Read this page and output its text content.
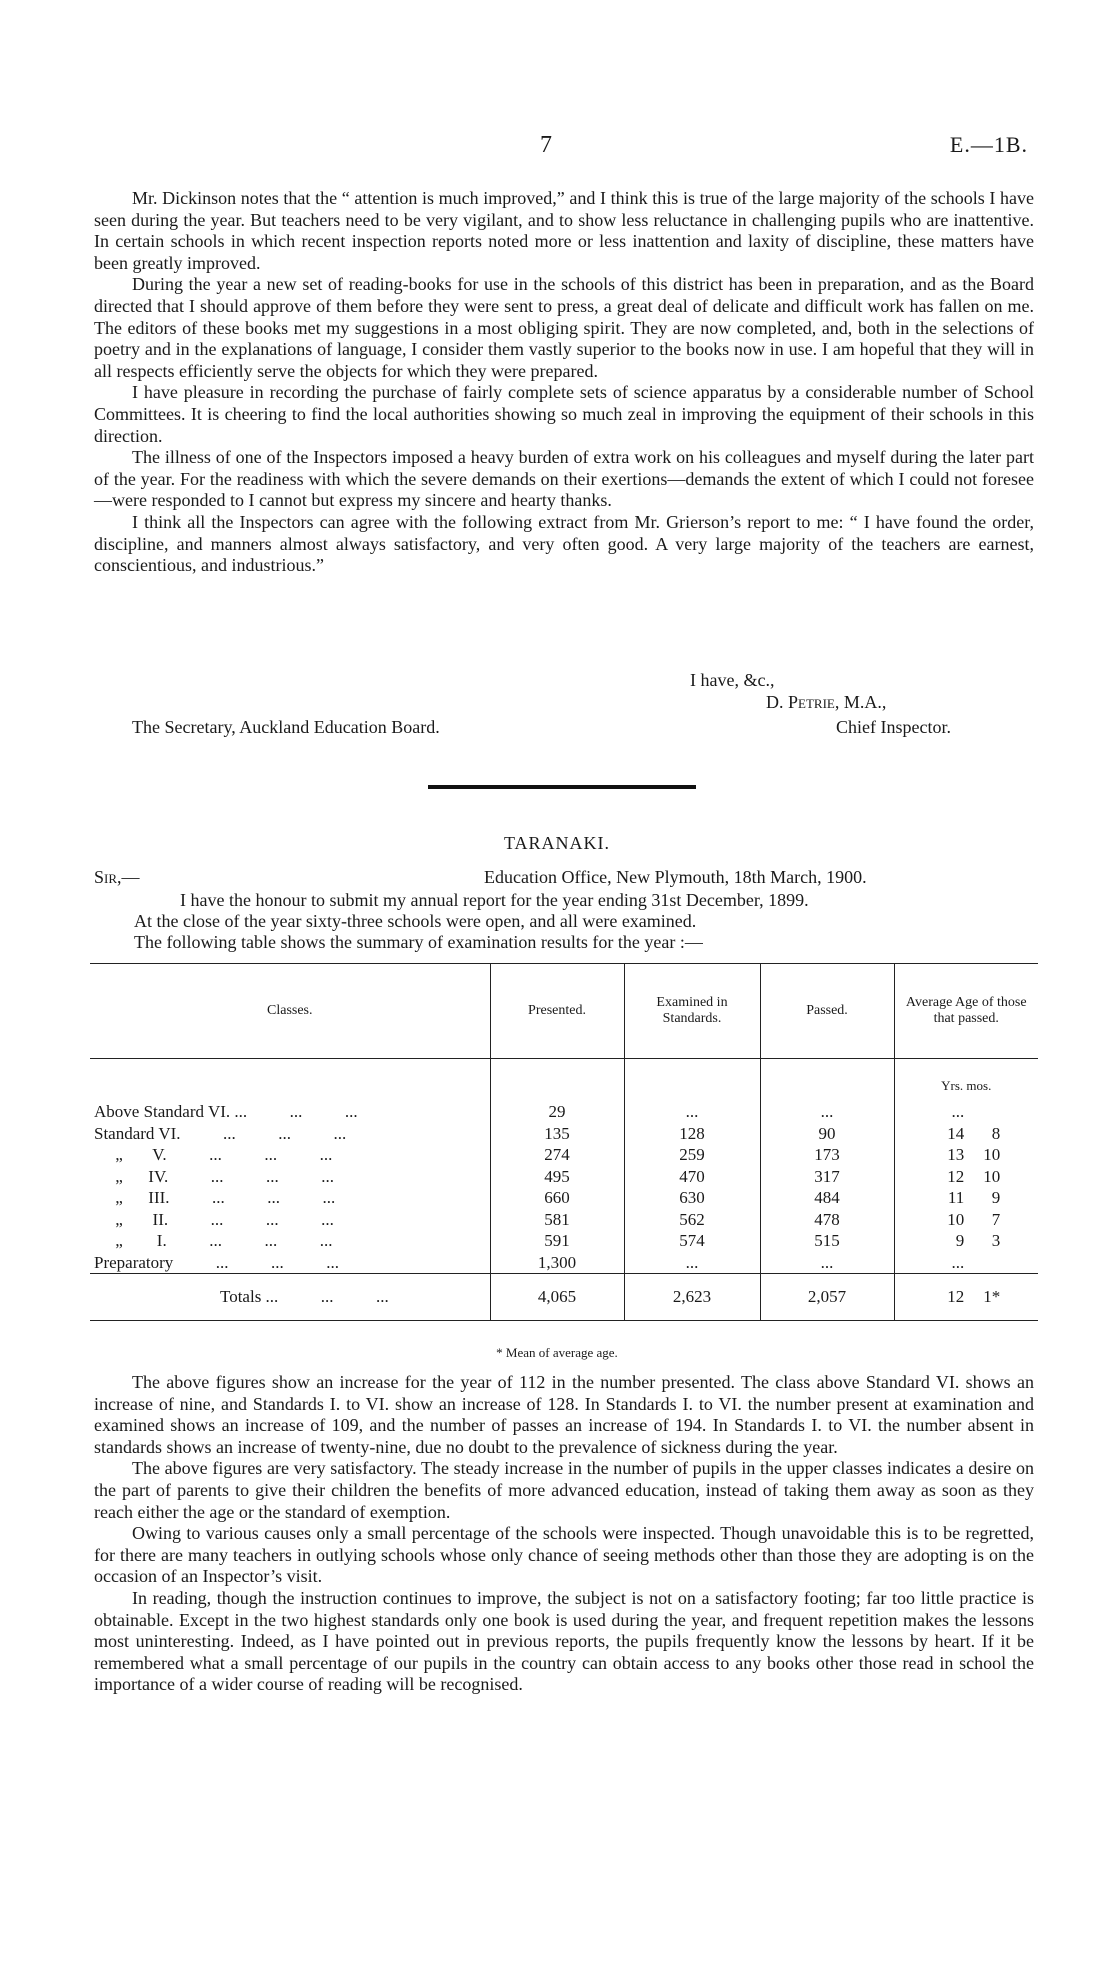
7	E.—1B.

Mr. Dickinson notes that the “ attention is much improved,” and I think this is true of the large majority of the schools I have seen during the year. But teachers need to be very vigilant, and to show less reluctance in challenging pupils who are inattentive. In certain schools in which recent inspection reports noted more or less inattention and laxity of discipline, these matters have been greatly improved.

During the year a new set of reading-books for use in the schools of this district has been in preparation, and as the Board directed that I should approve of them before they were sent to press, a great deal of delicate and difficult work has fallen on me. The editors of these books met my suggestions in a most obliging spirit. They are now completed, and, both in the selections of poetry and in the explanations of language, I consider them vastly superior to the books now in use. I am hopeful that they will in all respects efficiently serve the objects for which they were prepared.

I have pleasure in recording the purchase of fairly complete sets of science apparatus by a considerable number of School Committees. It is cheering to find the local authorities showing so much zeal in improving the equipment of their schools in this direction.

The illness of one of the Inspectors imposed a heavy burden of extra work on his colleagues and myself during the later part of the year. For the readiness with which the severe demands on their exertions—demands the extent of which I could not foresee—were responded to I cannot but express my sincere and hearty thanks.

I think all the Inspectors can agree with the following extract from Mr. Grierson’s report to me: “ I have found the order, discipline, and manners almost always satisfactory, and very often good. A very large majority of the teachers are earnest, conscientious, and industrious.”

I have, &c.,
D. Petrie, M.A.,
The Secretary, Auckland Education Board.	Chief Inspector.
TARANAKI.
Sir,—	Education Office, New Plymouth, 18th March, 1900.
I have the honour to submit my annual report for the year ending 31st December, 1899.
At the close of the year sixty-three schools were open, and all were examined.
The following table shows the summary of examination results for the year :—
Classes.	Presented.	Examined in Standards.	Passed.	Average Age of those that passed.

				Yrs. mos.
Above Standard VI. ...          ...          ...	29	...	...	...
Standard VI.          ...          ...          ...	135	128	90	14 8
„       V.          ...          ...          ...	274	259	173	13 10
„      IV.          ...          ...          ...	495	470	317	12 10
„      III.          ...          ...          ...	660	630	484	11 9
„       II.          ...          ...          ...	581	562	478	10 7
„        I.          ...          ...          ...	591	574	515	9 3
Preparatory          ...          ...          ...	1,300	...	...	...
Totals ...          ...          ...	4,065	2,623	2,057	12 1*
* Mean of average age.

The above figures show an increase for the year of 112 in the number presented. The class above Standard VI. shows an increase of nine, and Standards I. to VI. show an increase of 128. In Standards I. to VI. the number present at examination and examined shows an increase of 109, and the number of passes an increase of 194. In Standards I. to VI. the number absent in standards shows an increase of twenty-nine, due no doubt to the prevalence of sickness during the year.

The above figures are very satisfactory. The steady increase in the number of pupils in the upper classes indicates a desire on the part of parents to give their children the benefits of more advanced education, instead of taking them away as soon as they reach either the age or the standard of exemption.

Owing to various causes only a small percentage of the schools were inspected. Though unavoidable this is to be regretted, for there are many teachers in outlying schools whose only chance of seeing methods other than those they are adopting is on the occasion of an Inspector’s visit.

In reading, though the instruction continues to improve, the subject is not on a satisfactory footing; far too little practice is obtainable. Except in the two highest standards only one book is used during the year, and frequent repetition makes the lessons most uninteresting. Indeed, as I have pointed out in previous reports, the pupils frequently know the lessons by heart. If it be remembered what a small percentage of our pupils in the country can obtain access to any books other those read in school the importance of a wider course of reading will be recognised.
